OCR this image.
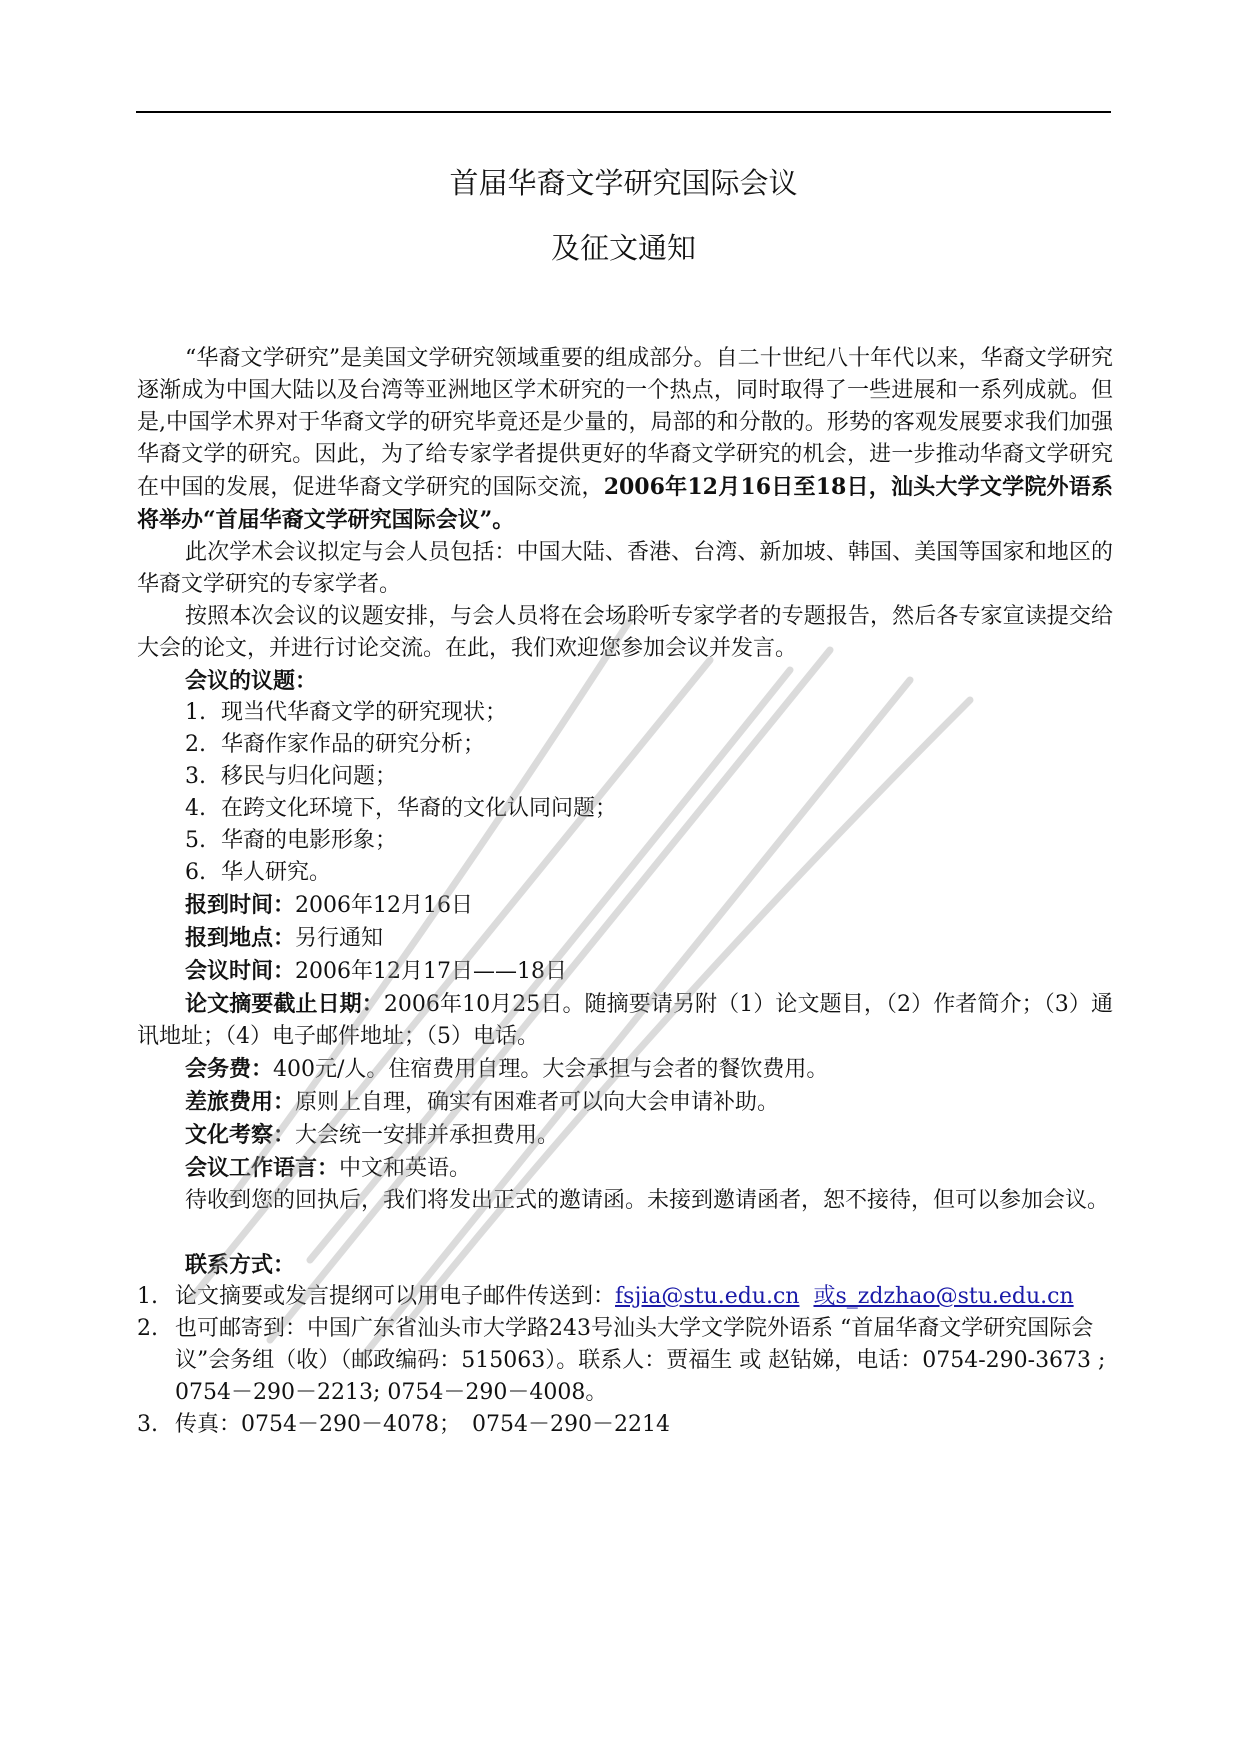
首届华裔文学研究国际会议
及征文通知

“华裔文学研究”是美国文学研究领域重要的组成部分。自二十世纪八十年代以来，华裔文学研究逐渐成为中国大陆以及台湾等亚洲地区学术研究的一个热点，同时取得了一些进展和一系列成就。但是,中国学术界对于华裔文学的研究毕竟还是少量的，局部的和分散的。形势的客观发展要求我们加强华裔文学的研究。因此，为了给专家学者提供更好的华裔文学研究的机会，进一步推动华裔文学研究在中国的发展，促进华裔文学研究的国际交流，2006年12月16日至18日，汕头大学文学院外语系将举办“首届华裔文学研究国际会议”。

此次学术会议拟定与会人员包括：中国大陆、香港、台湾、新加坡、韩国、美国等国家和地区的华裔文学研究的专家学者。

按照本次会议的议题安排，与会人员将在会场聆听专家学者的专题报告，然后各专家宣读提交给大会的论文，并进行讨论交流。在此，我们欢迎您参加会议并发言。

会议的议题：

1. 现当代华裔文学的研究现状；
2. 华裔作家作品的研究分析；
3. 移民与归化问题；
4. 在跨文化环境下，华裔的文化认同问题；
5. 华裔的电影形象；
6. 华人研究。

报到时间：2006年12月16日

报到地点：另行通知

会议时间：2006年12月17日——18日

论文摘要截止日期：2006年10月25日。随摘要请另附（1）论文题目，（2）作者简介；（3）通讯地址；（4）电子邮件地址；（5）电话。

会务费：400元/人。住宿费用自理。大会承担与会者的餐饮费用。

差旅费用：原则上自理，确实有困难者可以向大会申请补助。

文化考察：大会统一安排并承担费用。

会议工作语言：中文和英语。

待收到您的回执后，我们将发出正式的邀请函。未接到邀请函者，恕不接待，但可以参加会议。

联系方式：

1. 论文摘要或发言提纲可以用电子邮件传送到：fsjia@stu.edu.cn 或s_zdzhao@stu.edu.cn
2. 也可邮寄到：中国广东省汕头市大学路243号汕头大学文学院外语系 “首届华裔文学研究国际会议”会务组（收）（邮政编码：515063）。联系人：贾福生 或 赵钻娣，电话：0754-290-3673 ; 0754－290－2213; 0754－290－4008。
3. 传真：0754－290－4078；　0754－290－2214
